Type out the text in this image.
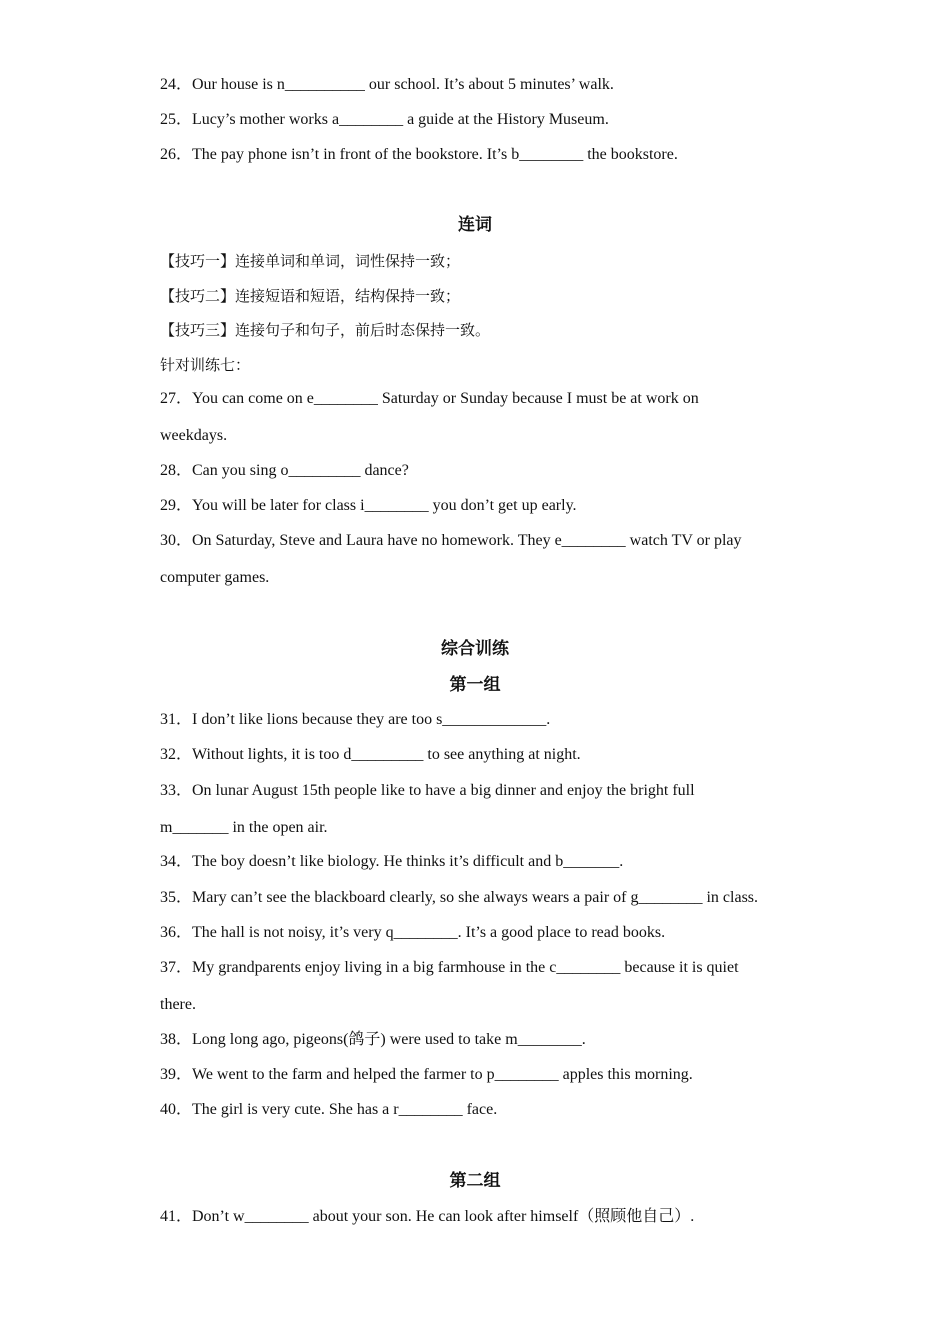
24．Our house is n__________ our school. It’s about 5 minutes’ walk.
25．Lucy’s mother works a________ a guide at the History Museum.
26．The pay phone isn’t in front of the bookstore. It’s b________ the bookstore.
连词
【技巧一】连接单词和单词，词性保持一致；
【技巧二】连接短语和短语，结构保持一致；
【技巧三】连接句子和句子，前后时态保持一致。
针对训练七：
27．You can come on e________ Saturday or Sunday because I must be at work on
weekdays.
28．Can you sing o_________ dance?
29．You will be later for class i________ you don’t get up early.
30．On Saturday, Steve and Laura have no homework. They e________ watch TV or play
computer games.
综合训练
第一组
31．I don’t like lions because they are too s_____________.
32．Without lights, it is too d_________ to see anything at night.
33．On lunar August 15th people like to have a big dinner and enjoy the bright full
m_______ in the open air.
34．The boy doesn’t like biology. He thinks it’s difficult and b_______.
35．Mary can’t see the blackboard clearly, so she always wears a pair of g________ in class.
36．The hall is not noisy, it’s very q________. It’s a good place to read books.
37．My grandparents enjoy living in a big farmhouse in the c________ because it is quiet
there.
38．Long long ago, pigeons(鸽子) were used to take m________.
39．We went to the farm and helped the farmer to p________ apples this morning.
40．The girl is very cute. She has a r________ face.
第二组
41．Don’t w________ about your son. He can look after himself（照顾他自己）.
